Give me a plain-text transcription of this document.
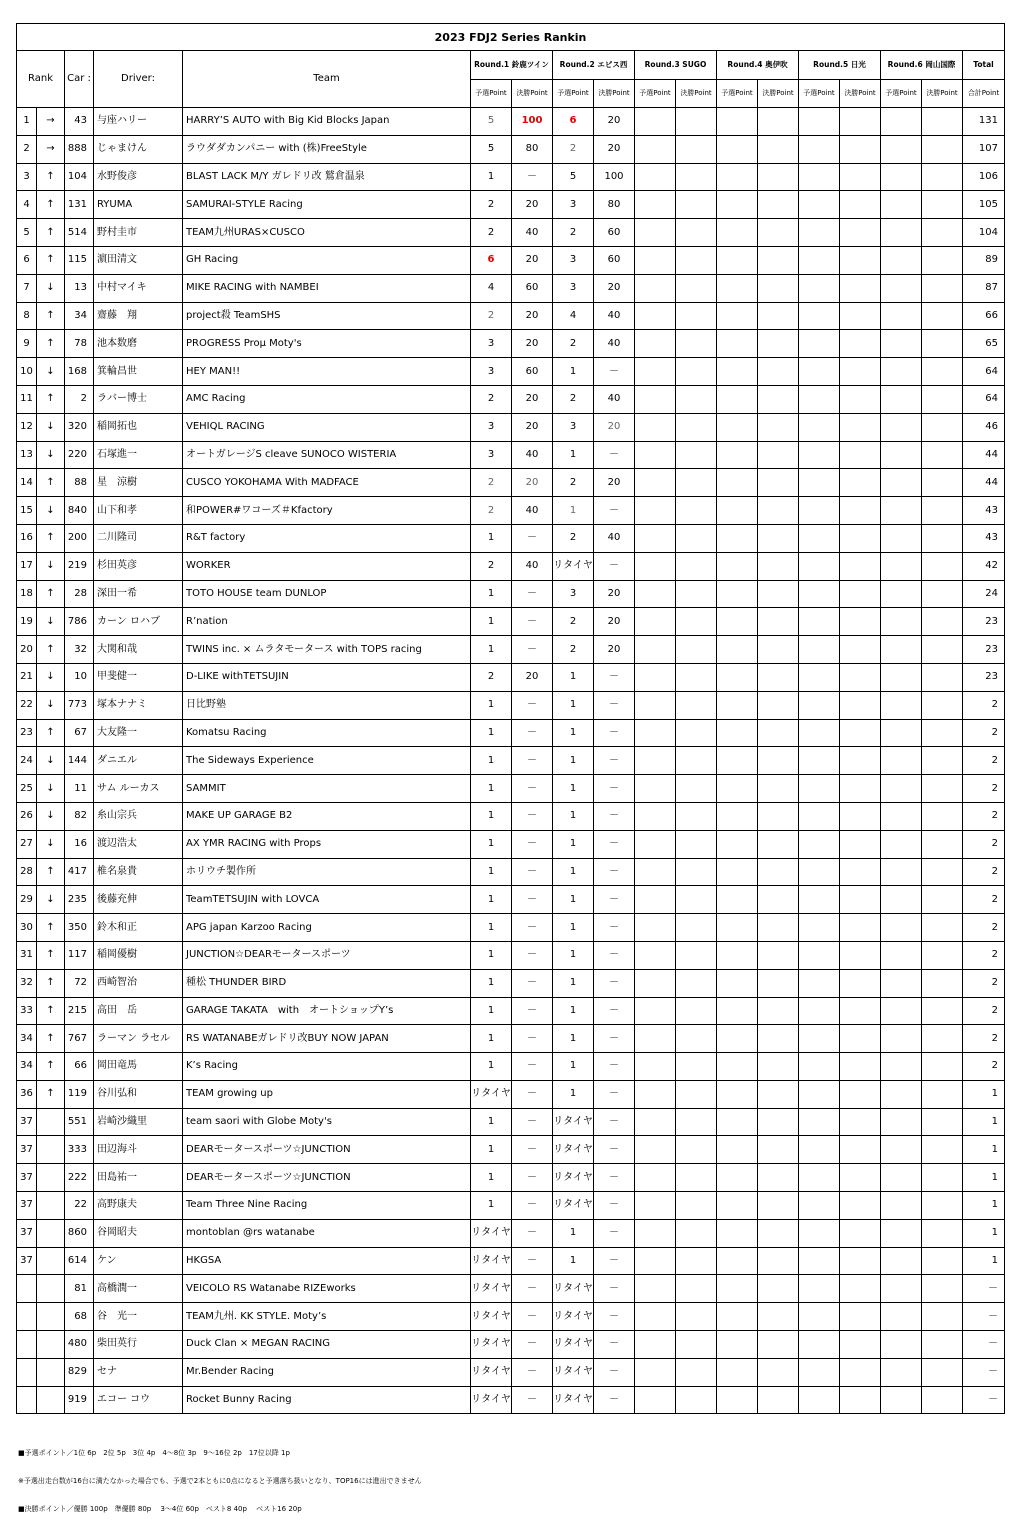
2023 FDJ2 Series Rankin																	
Rank		Car :	Driver:	Team	Round.1 鈴鹿ツイン		Round.2 エビス西		Round.3 SUGO		Round.4 奥伊吹		Round.5 日光		Round.6 岡山国際		Total
					予選Point	決勝Point	予選Point	決勝Point	予選Point	決勝Point	予選Point	決勝Point	予選Point	決勝Point	予選Point	決勝Point	合計Point
1	→	43	与座ハリー	HARRY’S AUTO with Big Kid Blocks Japan	5	100	6	20									131
2	→	888	じゃまけん	ラウダダカンパニー with (株)FreeStyle	5	80	2	20									107
3	↑	104	水野俊彦	BLAST LACK M/Y ガレドリ改 鷲倉温泉	1	－	5	100									106
4	↑	131	RYUMA	SAMURAI-STYLE Racing	2	20	3	80									105
5	↑	514	野村圭市	TEAM九州URAS×CUSCO	2	40	2	60									104
6	↑	115	濵田清文	GH Racing	6	20	3	60									89
7	↓	13	中村マイキ	MIKE RACING with NAMBEI	4	60	3	20									87
8	↑	34	齋藤　翔	project殺 TeamSHS	2	20	4	40									66
9	↑	78	池本数磨	PROGRESS Proμ Moty's	3	20	2	40									65
10	↓	168	箕輪昌世	HEY MAN!!	3	60	1	－									64
11	↑	2	ラバー博士	AMC Racing	2	20	2	40									64
12	↓	320	稲岡拓也	VEHIQL RACING	3	20	3	20									46
13	↓	220	石塚進一	オートガレージS cleave SUNOCO WISTERIA	3	40	1	－									44
14	↑	88	星　涼樹	CUSCO YOKOHAMA With MADFACE	2	20	2	20									44
15	↓	840	山下和孝	和POWER#ワコーズ＃Kfactory	2	40	1	－									43
16	↑	200	二川隆司	R&T factory	1	－	2	40									43
17	↓	219	杉田英彦	WORKER	2	40	リタイヤ	－									42
18	↑	28	深田一希	TOTO HOUSE team DUNLOP	1	－	3	20									24
19	↓	786	カーン ロハブ	R’nation	1	－	2	20									23
20	↑	32	大関和哉	TWINS inc. × ムラタモータース with TOPS racing	1	－	2	20									23
21	↓	10	甲斐健一	D-LIKE withTETSUJIN	2	20	1	－									23
22	↓	773	塚本ナナミ	日比野塾	1	－	1	－									2
23	↑	67	大友隆一	Komatsu Racing	1	－	1	－									2
24	↓	144	ダニエル	The Sideways Experience	1	－	1	－									2
25	↓	11	サム ルーカス	SAMMIT	1	－	1	－									2
26	↓	82	糸山宗兵	MAKE UP GARAGE B2	1	－	1	－									2
27	↓	16	渡辺浩太	AX YMR RACING with Props	1	－	1	－									2
28	↑	417	椎名泉貴	ホリウチ製作所	1	－	1	－									2
29	↓	235	後藤充伸	TeamTETSUJIN with LOVCA	1	－	1	－									2
30	↑	350	鈴木和正	APG japan Karzoo Racing	1	－	1	－									2
31	↑	117	稲岡優樹	JUNCTION☆DEARモータースポーツ	1	－	1	－									2
32	↑	72	西崎智治	種松 THUNDER BIRD	1	－	1	－									2
33	↑	215	高田　岳	GARAGE TAKATA　with　オートショップY’s	1	－	1	－									2
34	↑	767	ラーマン ラセル	RS WATANABEガレドリ改BUY NOW JAPAN	1	－	1	－									2
34	↑	66	岡田竜馬	K’s Racing	1	－	1	－									2
36	↑	119	谷川弘和	TEAM growing up	リタイヤ	－	1	－									1
37		551	岩崎沙織里	team saori with Globe Moty's	1	－	リタイヤ	－									1
37		333	田辺海斗	DEARモータースポーツ☆JUNCTION	1	－	リタイヤ	－									1
37		222	田島祐一	DEARモータースポーツ☆JUNCTION	1	－	リタイヤ	－									1
37		22	高野康夫	Team Three Nine Racing	1	－	リタイヤ	－									1
37		860	谷岡昭夫	montoblan @rs watanabe	リタイヤ	－	1	－									1
37		614	ケン	HKGSA	リタイヤ	－	1	－									1
		81	高橋潤一	VEICOLO RS Watanabe RIZEworks	リタイヤ	－	リタイヤ	－									－
		68	谷　光一	TEAM九州. KK STYLE. Moty’s	リタイヤ	－	リタイヤ	－									－
		480	柴田英行	Duck Clan × MEGAN RACING	リタイヤ	－	リタイヤ	－									－
		829	セナ	Mr.Bender Racing	リタイヤ	－	リタイヤ	－									－
		919	エコー コウ	Rocket Bunny Racing	リタイヤ	－	リタイヤ	－									－
■予選ポイント／1位 6p　2位 5p　3位 4p　4～8位 3p　9～16位 2p　17位以降 1p
※予選出走台数が16台に満たなかった場合でも、予選で2本ともに0点になると予選落ち扱いとなり、TOP16には進出できません
■決勝ポイント／優勝 100p　準優勝 80p　 3～4位 60p　ベスト8 40p　 ベスト16 20p
